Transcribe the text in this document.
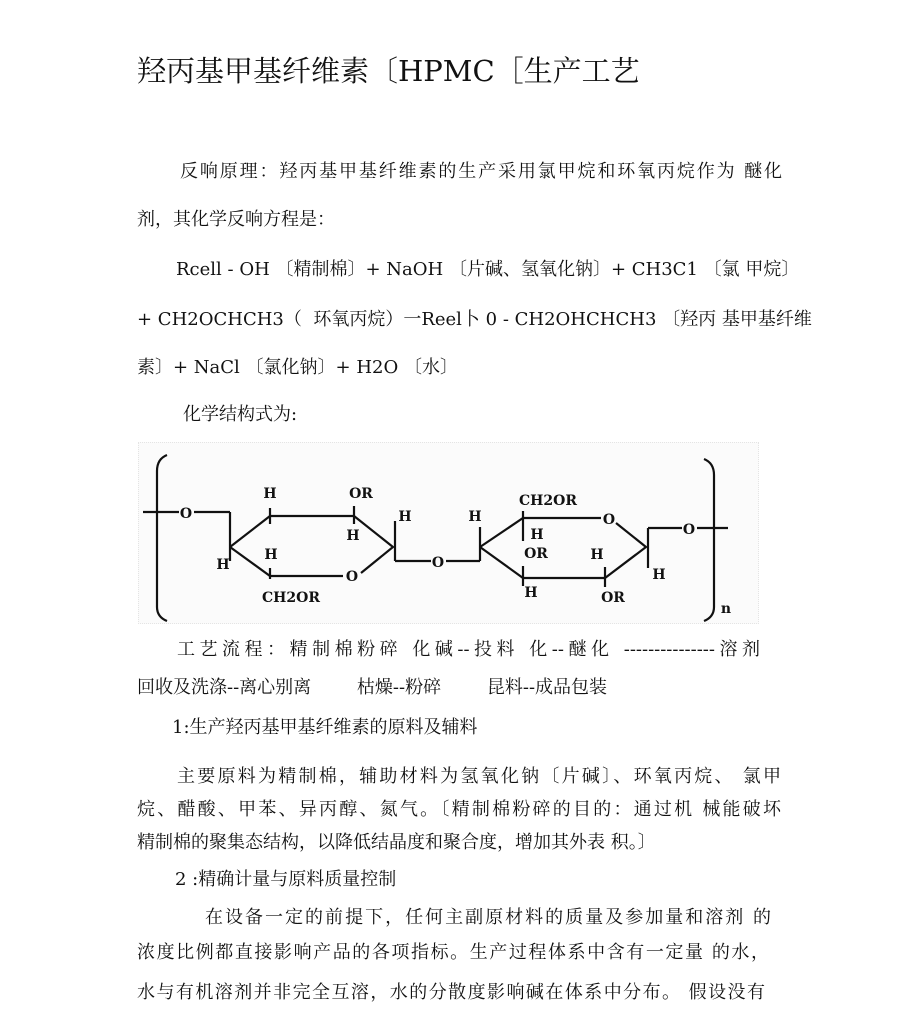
羟丙基甲基纤维素〔HPMC［生产工艺
反响原理：羟丙基甲基纤维素的生产采用氯甲烷和环氧丙烷作为 醚化
剂，其化学反响方程是：
Rcell - OH 〔精制棉〕+ NaOH 〔片碱、氢氧化钠〕+ CH3C1 〔氯 甲烷〕
+ CH2OCHCH3（  环氧丙烷）一Reel卜 0 - CH2OHCHCH3 〔羟丙 基甲基纤维
素〕+ NaCl 〔氯化钠〕+ H2O 〔水〕
化学结构式为:
O
H	OR
H
H
H
H
CH2OR
O
O
H
CH2OR
H
OR
H
H
OR
O
H
O
n
工艺流程：精制棉粉碎 化碱--投料 化--醚化 ---------------溶剂
回收及洗涤--离心别离        枯燥--粉碎        昆料--成品包装
1:生产羟丙基甲基纤维素的原料及辅料
主要原料为精制棉，辅助材料为氢氧化钠〔片碱〕、环氧丙烷、 氯甲
烷、醋酸、甲苯、异丙醇、氮气。〔精制棉粉碎的目的：通过机 械能破坏
精制棉的聚集态结构，以降低结晶度和聚合度，增加其外表 积。〕
2 :精确计量与原料质量控制
在设备一定的前提下，任何主副原材料的质量及参加量和溶剂 的
浓度比例都直接影响产品的各项指标。生产过程体系中含有一定量 的水，
水与有机溶剂并非完全互溶，水的分散度影响碱在体系中分布。 假设没有
